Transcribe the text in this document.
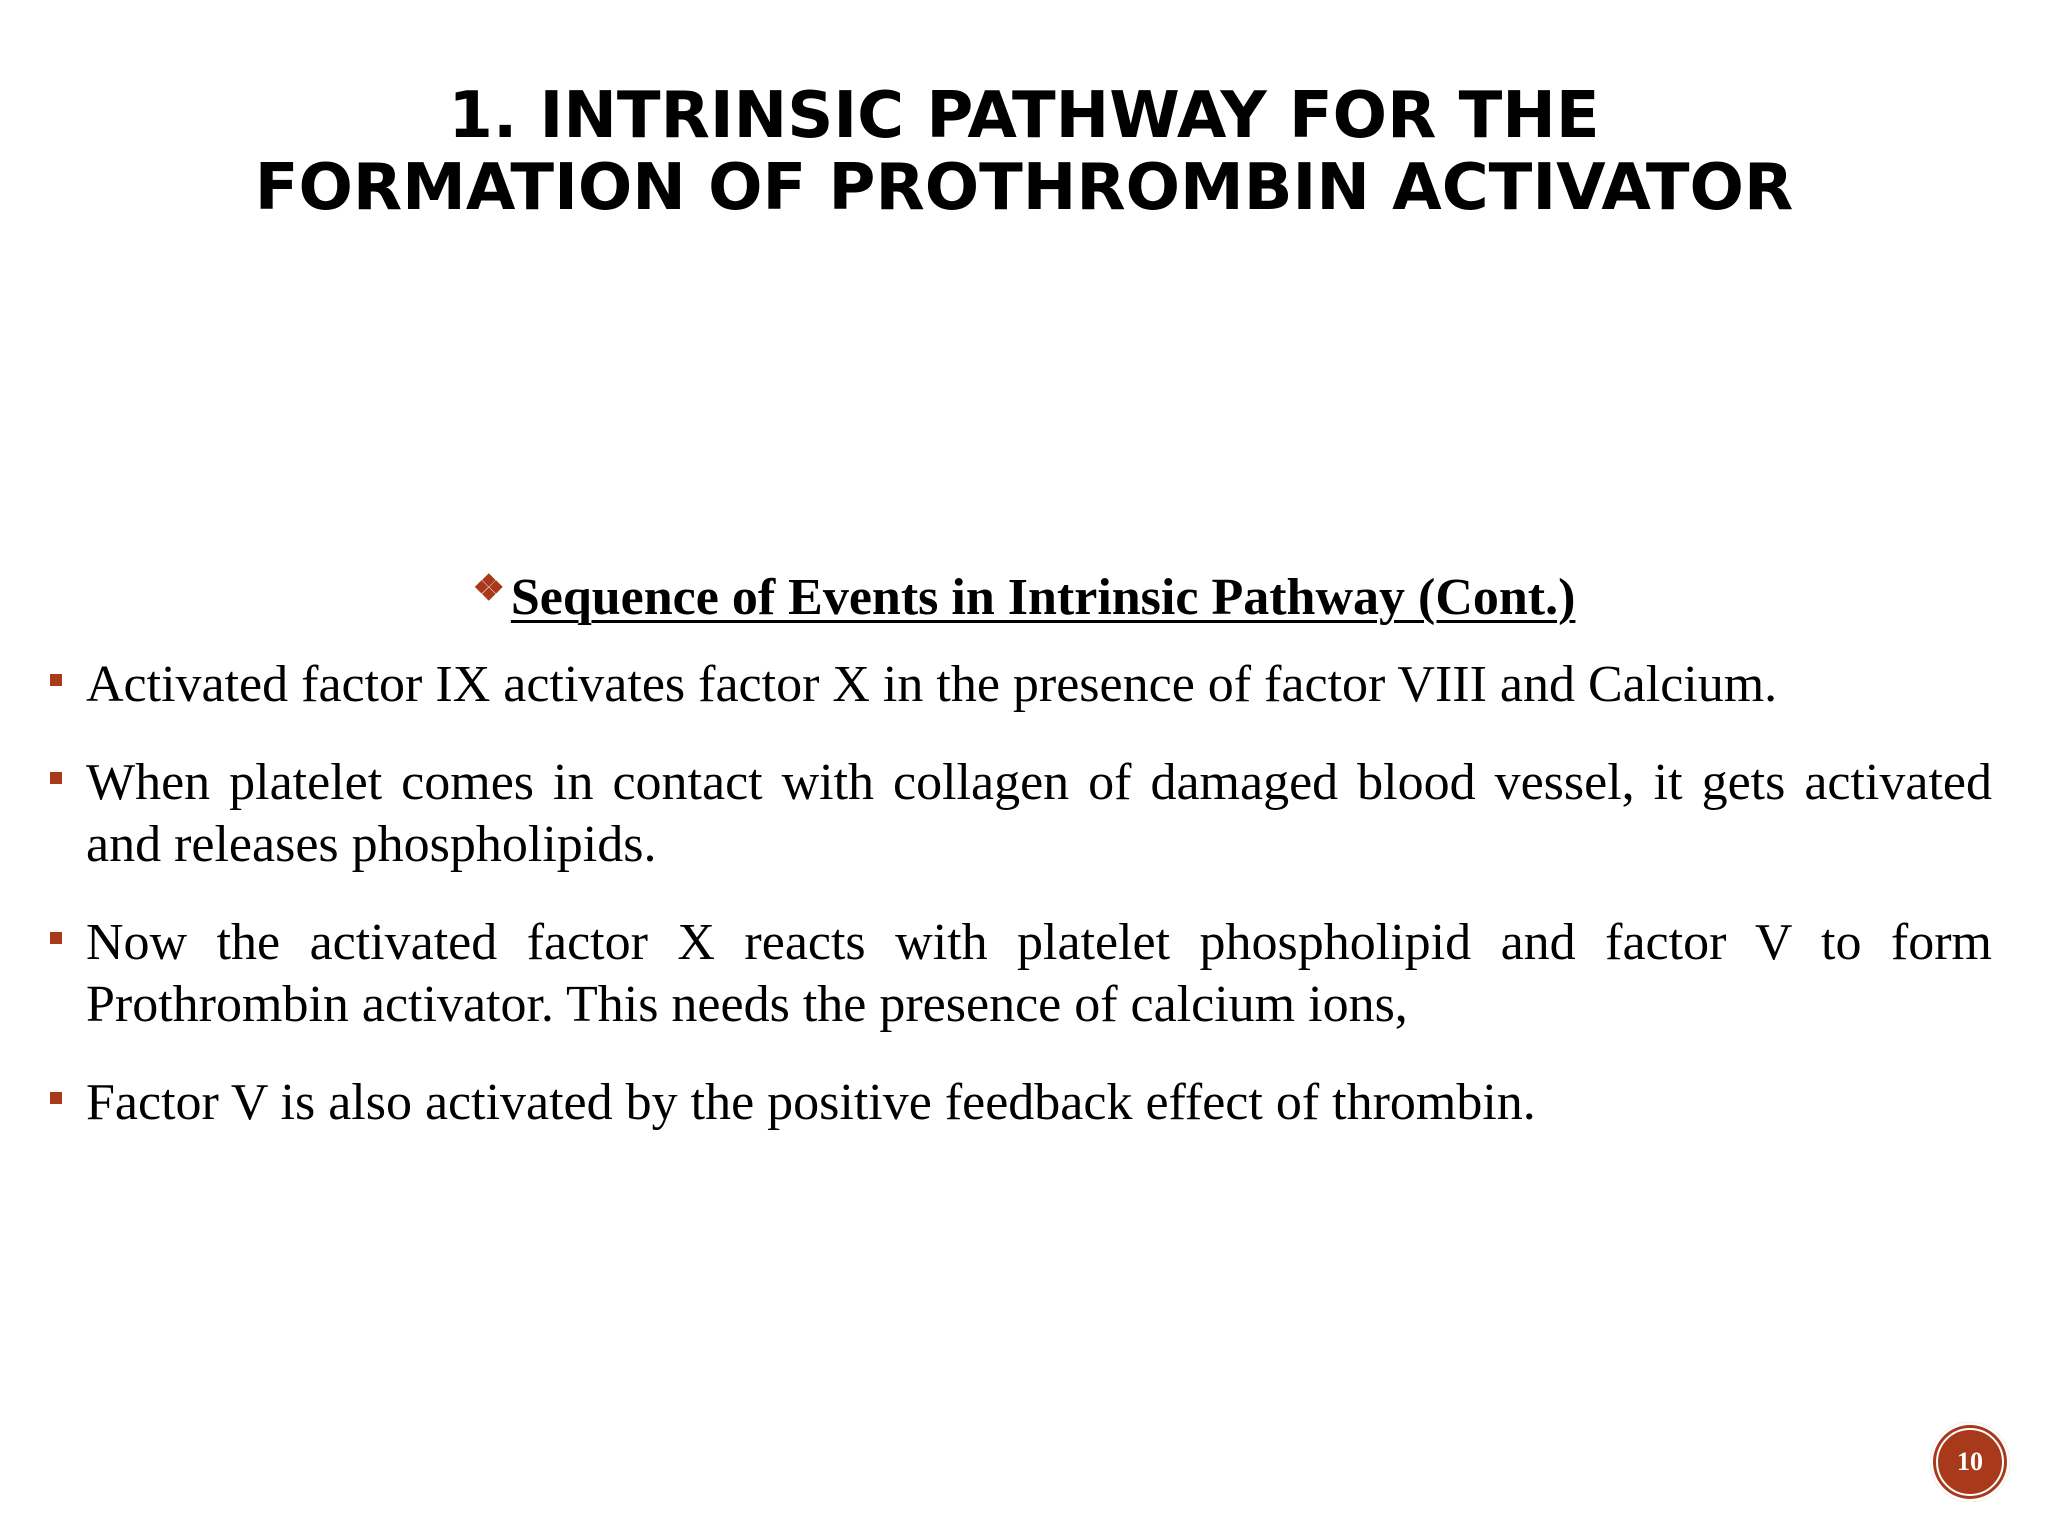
1. INTRINSIC PATHWAY FOR THE
FORMATION OF PROTHROMBIN ACTIVATOR
❖ Sequence of Events in Intrinsic Pathway (Cont.)
Activated factor IX activates factor X in the presence of factor VIII and Calcium.
When platelet comes in contact with collagen of damaged blood vessel, it gets activated and releases phospholipids.
Now the activated factor X reacts with platelet phospholipid and factor V to form Prothrombin activator. This needs the presence of calcium ions,
Factor V is also activated by the positive feedback effect of thrombin.
10
